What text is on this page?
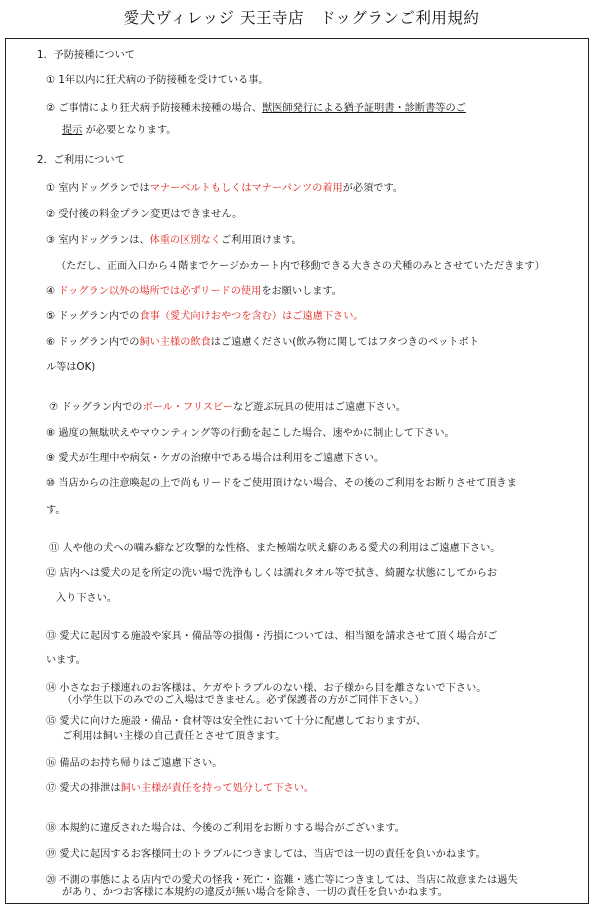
愛犬ヴィレッジ 天王寺店　ドッグランご利用規約
1．予防接種について
① 1年以内に狂犬病の予防接種を受けている事。
② ご事情により狂犬病予防接種未接種の場合、獣医師発行による猶予証明書・診断書等のご
提示 が必要となります。
2．ご利用について
① 室内ドッグランではマナーベルトもしくはマナーパンツの着用が必須です。
② 受付後の料金プラン変更はできません。
③ 室内ドッグランは、体重の区別なくご利用頂けます。
（ただし、正面入口から４階までケージかカート内で移動できる大きさの犬種のみとさせていただきます）
④ ドッグラン以外の場所では必ずリードの使用をお願いします。
⑤ ドッグラン内での食事（愛犬向けおやつを含む）はご遠慮下さい。
⑥ ドッグラン内での飼い主様の飲食はご遠慮ください(飲み物に関してはフタつきのペットボト
ル等はOK)
⑦ ドッグラン内でのボール・フリスビーなど遊ぶ玩具の使用はご遠慮下さい。
⑧ 過度の無駄吠えやマウンティング等の行動を起こした場合、速やかに制止して下さい。
⑨ 愛犬が生理中や病気・ケガの治療中である場合は利用をご遠慮下さい。
⑩ 当店からの注意喚起の上で尚もリードをご使用頂けない場合、その後のご利用をお断りさせて頂きま
す。
⑪ 人や他の犬への噛み癖など攻撃的な性格、また極端な吠え癖のある愛犬の利用はご遠慮下さい。
⑫ 店内へは愛犬の足を所定の洗い場で洗浄もしくは濡れタオル等で拭き、綺麗な状態にしてからお
入り下さい。
⑬ 愛犬に起因する施設や家具・備品等の損傷・汚損については、相当額を請求させて頂く場合がご
います。
⑭ 小さなお子様連れのお客様は、ケガやトラブルのない様、お子様から目を離さないで下さい。
（小学生以下のみでのご入場はできません。必ず保護者の方がご同伴下さい。）
⑮ 愛犬に向けた施設・備品・食材等は安全性において十分に配慮しておりますが、
ご利用は飼い主様の自己責任とさせて頂きます。
⑯ 備品のお持ち帰りはご遠慮下さい。
⑰ 愛犬の排泄は飼い主様が責任を持って処分して下さい。
⑱ 本規約に違反された場合は、今後のご利用をお断りする場合がございます。
⑲ 愛犬に起因するお客様同士のトラブルにつきましては、当店では一切の責任を負いかねます。
⑳ 不測の事態による店内での愛犬の怪我・死亡・盗難・逃亡等につきましては、当店に故意または過失
があり、かつお客様に本規約の違反が無い場合を除き、一切の責任を負いかねます。
